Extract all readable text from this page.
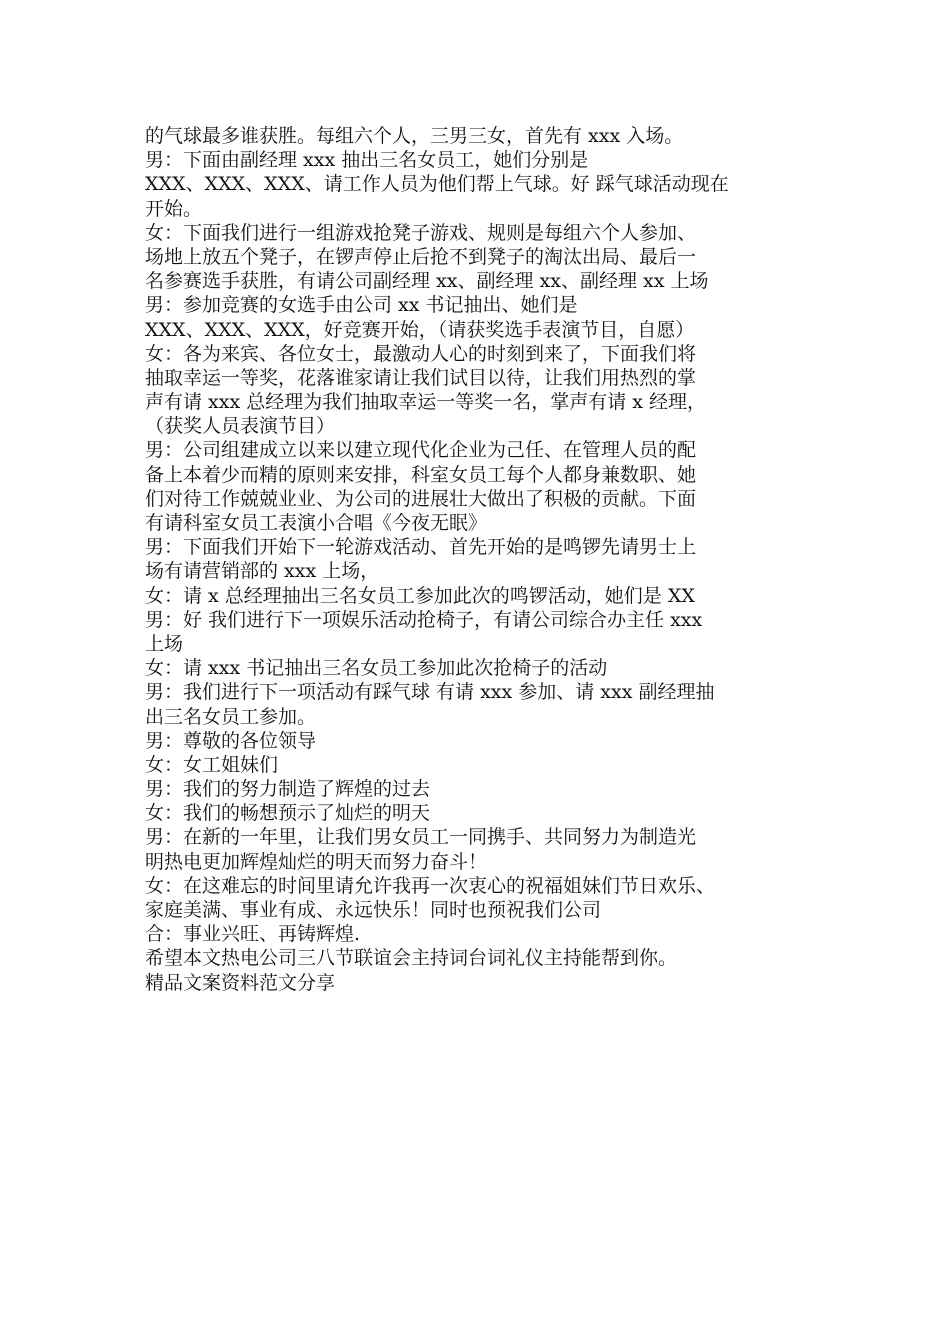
的气球最多谁获胜。每组六个人，三男三女，首先有 xxx 入场。
男：下面由副经理 xxx 抽出三名女员工，她们分别是
XXX、XXX、XXX、请工作人员为他们帮上气球。好 踩气球活动现在
开始。
女：下面我们进行一组游戏抢凳子游戏、规则是每组六个人参加、
场地上放五个凳子，在锣声停止后抢不到凳子的淘汰出局、最后一
名参赛选手获胜，有请公司副经理 xx、副经理 xx、副经理 xx 上场
男：参加竞赛的女选手由公司 xx 书记抽出、她们是
XXX、XXX、XXX，好竞赛开始，（请获奖选手表演节目，自愿）
女：各为来宾、各位女士，最激动人心的时刻到来了，下面我们将
抽取幸运一等奖，花落谁家请让我们试目以待，让我们用热烈的掌
声有请 xxx 总经理为我们抽取幸运一等奖一名，掌声有请 x 经理，
（获奖人员表演节目）
男：公司组建成立以来以建立现代化企业为己任、在管理人员的配
备上本着少而精的原则来安排，科室女员工每个人都身兼数职、她
们对待工作兢兢业业、为公司的进展壮大做出了积极的贡献。下面
有请科室女员工表演小合唱《今夜无眠》
男：下面我们开始下一轮游戏活动、首先开始的是鸣锣先请男士上
场有请营销部的 xxx 上场，
女：请 x 总经理抽出三名女员工参加此次的鸣锣活动，她们是 XX
男：好 我们进行下一项娱乐活动抢椅子，有请公司综合办主任 xxx
上场
女：请 xxx 书记抽出三名女员工参加此次抢椅子的活动
男：我们进行下一项活动有踩气球 有请 xxx 参加、请 xxx 副经理抽
出三名女员工参加。
男：尊敬的各位领导
女：女工姐妹们
男：我们的努力制造了辉煌的过去
女：我们的畅想预示了灿烂的明天
男：在新的一年里，让我们男女员工一同携手、共同努力为制造光
明热电更加辉煌灿烂的明天而努力奋斗！
女：在这难忘的时间里请允许我再一次衷心的祝福姐妹们节日欢乐、
家庭美满、事业有成、永远快乐！同时也预祝我们公司
合：事业兴旺、再铸辉煌.
希望本文热电公司三八节联谊会主持词台词礼仪主持能帮到你。
精品文案资料范文分享
